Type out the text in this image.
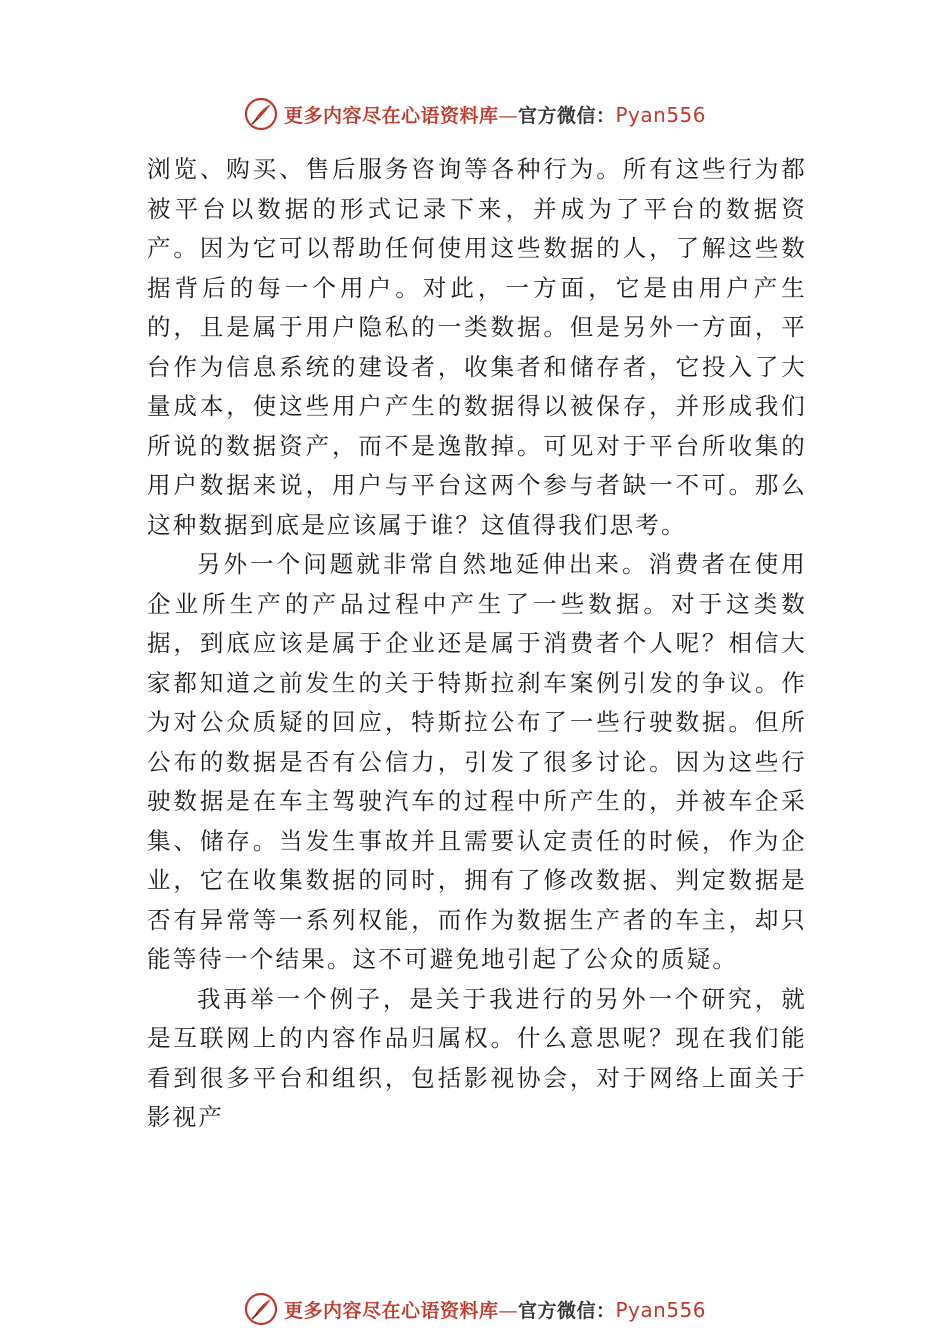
更多内容尽在心语资料库—官方微信：Pyan556

浏览、购买、售后服务咨询等各种行为。所有这些行为都被平台以数据的形式记录下来，并成为了平台的数据资产。因为它可以帮助任何使用这些数据的人，了解这些数据背后的每一个用户。对此，一方面，它是由用户产生的，且是属于用户隐私的一类数据。但是另外一方面，平台作为信息系统的建设者，收集者和储存者，它投入了大量成本，使这些用户产生的数据得以被保存，并形成我们所说的数据资产，而不是逸散掉。可见对于平台所收集的用户数据来说，用户与平台这两个参与者缺一不可。那么这种数据到底是应该属于谁？这值得我们思考。

另外一个问题就非常自然地延伸出来。消费者在使用企业所生产的产品过程中产生了一些数据。对于这类数据，到底应该是属于企业还是属于消费者个人呢？相信大家都知道之前发生的关于特斯拉刹车案例引发的争议。作为对公众质疑的回应，特斯拉公布了一些行驶数据。但所公布的数据是否有公信力，引发了很多讨论。因为这些行驶数据是在车主驾驶汽车的过程中所产生的，并被车企采集、储存。当发生事故并且需要认定责任的时候，作为企业，它在收集数据的同时，拥有了修改数据、判定数据是否有异常等一系列权能，而作为数据生产者的车主，却只能等待一个结果。这不可避免地引起了公众的质疑。

我再举一个例子，是关于我进行的另外一个研究，就是互联网上的内容作品归属权。什么意思呢？现在我们能看到很多平台和组织，包括影视协会，对于网络上面关于影视产

更多内容尽在心语资料库—官方微信：Pyan556
